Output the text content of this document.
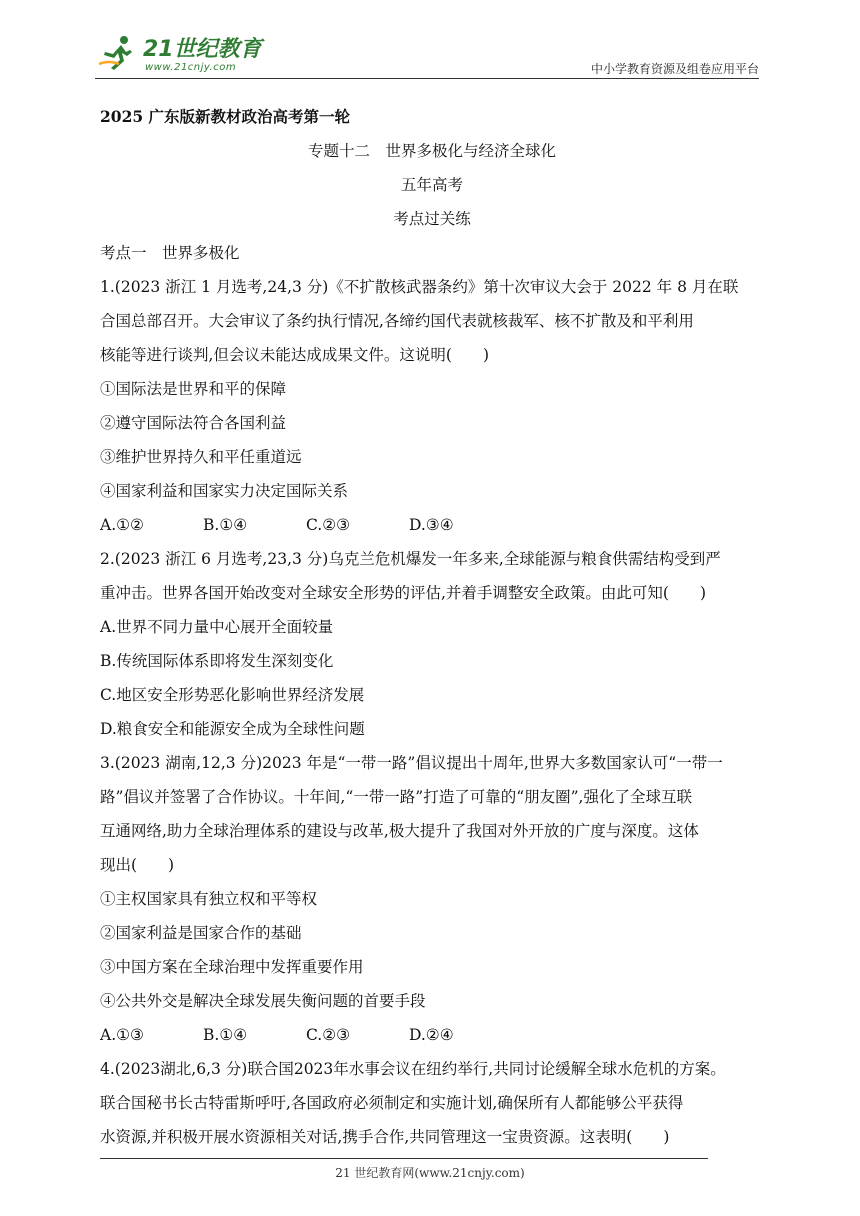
21世纪教育
www.21cnjy.com	中小学教育资源及组卷应用平台

2025 广东版新教材政治高考第一轮

专题十二　世界多极化与经济全球化

五年高考

考点过关练

考点一　世界多极化

1.(2023 浙江 1 月选考,24,3 分)《不扩散核武器条约》第十次审议大会于 2022 年 8 月在联

合国总部召开。大会审议了条约执行情况,各缔约国代表就核裁军、核不扩散及和平利用

核能等进行谈判,但会议未能达成成果文件。这说明(　　)

①国际法是世界和平的保障

②遵守国际法符合各国利益

③维护世界持久和平任重道远

④国家利益和国家实力决定国际关系

A.①②	B.①④	C.②③	D.③④

2.(2023 浙江 6 月选考,23,3 分)乌克兰危机爆发一年多来,全球能源与粮食供需结构受到严

重冲击。世界各国开始改变对全球安全形势的评估,并着手调整安全政策。由此可知(　　)

A.世界不同力量中心展开全面较量

B.传统国际体系即将发生深刻变化

C.地区安全形势恶化影响世界经济发展

D.粮食安全和能源安全成为全球性问题

3.(2023 湖南,12,3 分)2023 年是“一带一路”倡议提出十周年,世界大多数国家认可“一带一

路”倡议并签署了合作协议。十年间,“一带一路”打造了可靠的“朋友圈”,强化了全球互联

互通网络,助力全球治理体系的建设与改革,极大提升了我国对外开放的广度与深度。这体

现出(　　)

①主权国家具有独立权和平等权

②国家利益是国家合作的基础

③中国方案在全球治理中发挥重要作用

④公共外交是解决全球发展失衡问题的首要手段

A.①③	B.①④	C.②③	D.②④

4.(2023湖北,6,3 分)联合国2023年水事会议在纽约举行,共同讨论缓解全球水危机的方案。

联合国秘书长古特雷斯呼吁,各国政府必须制定和实施计划,确保所有人都能够公平获得

水资源,并积极开展水资源相关对话,携手合作,共同管理这一宝贵资源。这表明(　　)

21 世纪教育网(www.21cnjy.com)
